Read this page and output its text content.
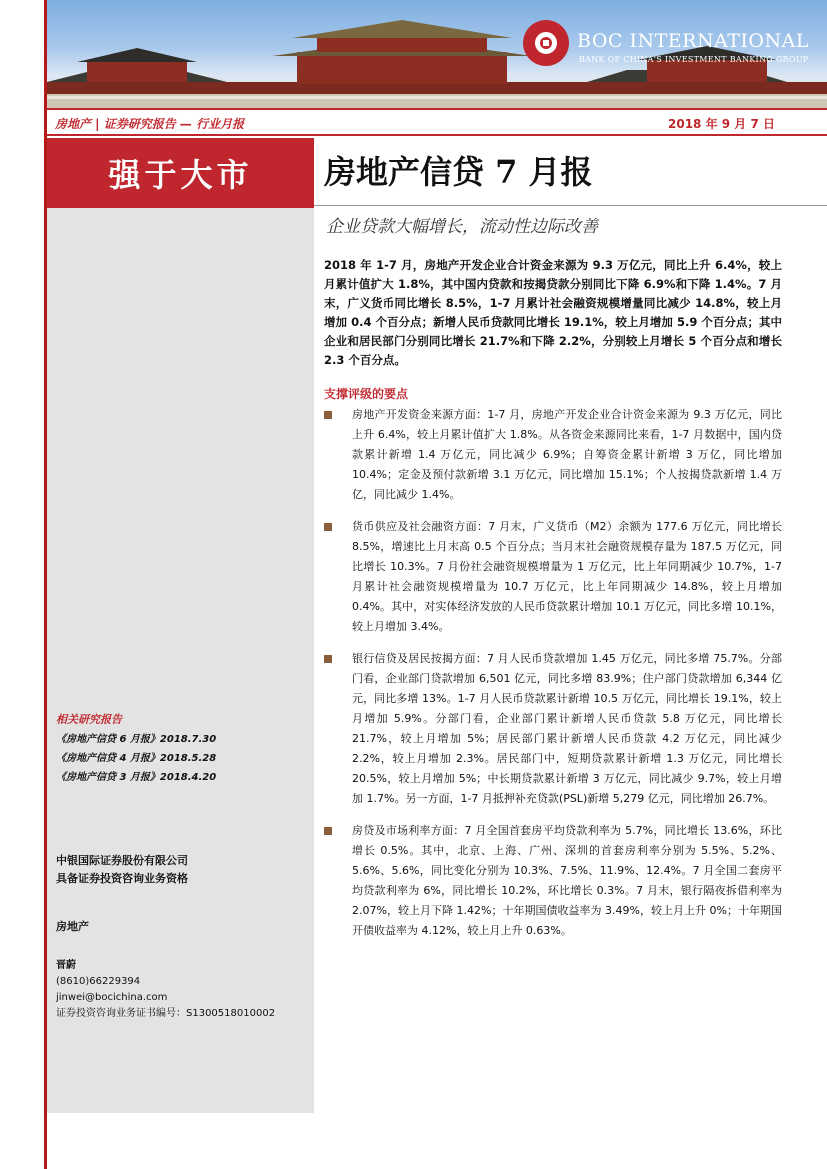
BOC INTERNATIONAL
BANK OF CHINA'S INVESTMENT BANKING GROUP
房地产 | 证券研究报告 — 行业月报	2018 年 9 月 7 日
强于大市 房地产信贷 7 月报
企业贷款大幅增长，流动性边际改善
2018 年 1-7 月，房地产开发企业合计资金来源为 9.3 万亿元，同比上升 6.4%，较上月累计值扩大 1.8%，其中国内贷款和按揭贷款分别同比下降 6.9%和下降 1.4%。7 月末，广义货币同比增长 8.5%，1-7 月累计社会融资规模增量同比减少 14.8%，较上月增加 0.4 个百分点；新增人民币贷款同比增长 19.1%，较上月增加 5.9 个百分点；其中企业和居民部门分别同比增长 21.7%和下降 2.2%，分别较上月增长 5 个百分点和增长 2.3 个百分点。
支撑评级的要点
房地产开发资金来源方面：1-7 月，房地产开发企业合计资金来源为 9.3 万亿元，同比上升 6.4%，较上月累计值扩大 1.8%。从各资金来源同比来看，1-7 月数据中，国内贷款累计新增 1.4 万亿元，同比减少 6.9%；自筹资金累计新增 3 万亿，同比增加 10.4%；定金及预付款新增 3.1 万亿元，同比增加 15.1%；个人按揭贷款新增 1.4 万亿，同比减少 1.4%。
货币供应及社会融资方面：7 月末，广义货币（M2）余额为 177.6 万亿元，同比增长 8.5%，增速比上月末高 0.5 个百分点；当月末社会融资规模存量为 187.5 万亿元，同比增长 10.3%。7 月份社会融资规模增量为 1 万亿元，比上年同期减少 10.7%，1-7 月累计社会融资规模增量为 10.7 万亿元，比上年同期减少 14.8%，较上月增加 0.4%。其中，对实体经济发放的人民币贷款累计增加 10.1 万亿元，同比多增 10.1%，较上月增加 3.4%。
银行信贷及居民按揭方面：7 月人民币贷款增加 1.45 万亿元，同比多增 75.7%。分部门看，企业部门贷款增加 6,501 亿元，同比多增 83.9%；住户部门贷款增加 6,344 亿元，同比多增 13%。1-7 月人民币贷款累计新增 10.5 万亿元，同比增长 19.1%，较上月增加 5.9%。分部门看，企业部门累计新增人民币贷款 5.8 万亿元，同比增长 21.7%，较上月增加 5%；居民部门累计新增人民币贷款 4.2 万亿元，同比减少 2.2%，较上月增加 2.3%。居民部门中，短期贷款累计新增 1.3 万亿元，同比增长 20.5%，较上月增加 5%；中长期贷款累计新增 3 万亿元，同比减少 9.7%，较上月增加 1.7%。另一方面，1-7 月抵押补充贷款(PSL)新增 5,279 亿元，同比增加 26.7%。
房贷及市场利率方面：7 月全国首套房平均贷款利率为 5.7%，同比增长 13.6%，环比增长 0.5%。其中，北京、上海、广州、深圳的首套房利率分别为 5.5%、5.2%、5.6%、5.6%，同比变化分别为 10.3%、7.5%、11.9%、12.4%。7 月全国二套房平均贷款利率为 6%，同比增长 10.2%，环比增长 0.3%。7 月末，银行隔夜拆借利率为 2.07%，较上月下降 1.42%；十年期国债收益率为 3.49%，较上月上升 0%；十年期国开债收益率为 4.12%，较上月上升 0.63%。
相关研究报告
《房地产信贷 6 月报》2018.7.30
《房地产信贷 4 月报》2018.5.28
《房地产信贷 3 月报》2018.4.20
中银国际证券股份有限公司
具备证券投资咨询业务资格
房地产
晋蔚
(8610)66229394
jinwei@bocichina.com
证券投资咨询业务证书编号：S1300518010002
